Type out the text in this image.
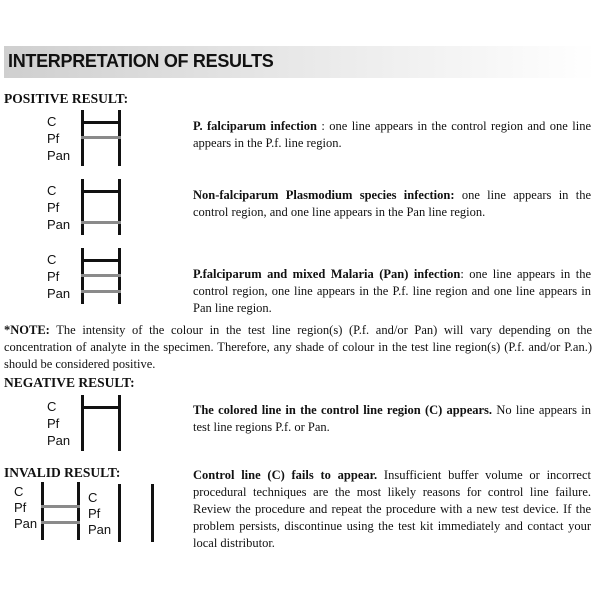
INTERPRETATION OF RESULTS
POSITIVE RESULT:
C
Pf
Pan
P. falciparum infection : one line appears in the control region and one line appears in the P.f. line region.
C
Pf
Pan
Non-falciparum Plasmodium species infection: one line appears in the control region, and one line appears in the Pan line region.
C
Pf
Pan
P.falciparum and mixed Malaria (Pan) infection: one line appears in the control region, one line appears in the P.f. line region and one line appears in Pan line region.
*NOTE: The intensity of the colour in the test line region(s) (P.f. and/or Pan) will vary depending on the concentration of analyte in the specimen. Therefore, any shade of colour in the test line region(s) (P.f. and/or P.an.) should be considered positive.
NEGATIVE RESULT:
C
Pf
Pan
The colored line in the control line region (C) appears. No line appears in test line regions P.f. or Pan.
INVALID RESULT:
C
Pf
Pan
C
Pf
Pan
Control line (C) fails to appear. Insufficient buffer volume or incorrect procedural techniques are the most likely reasons for control line failure. Review the procedure and repeat the procedure with a new test device. If the problem persists, discontinue using the test kit immediately and contact your local distributor.
